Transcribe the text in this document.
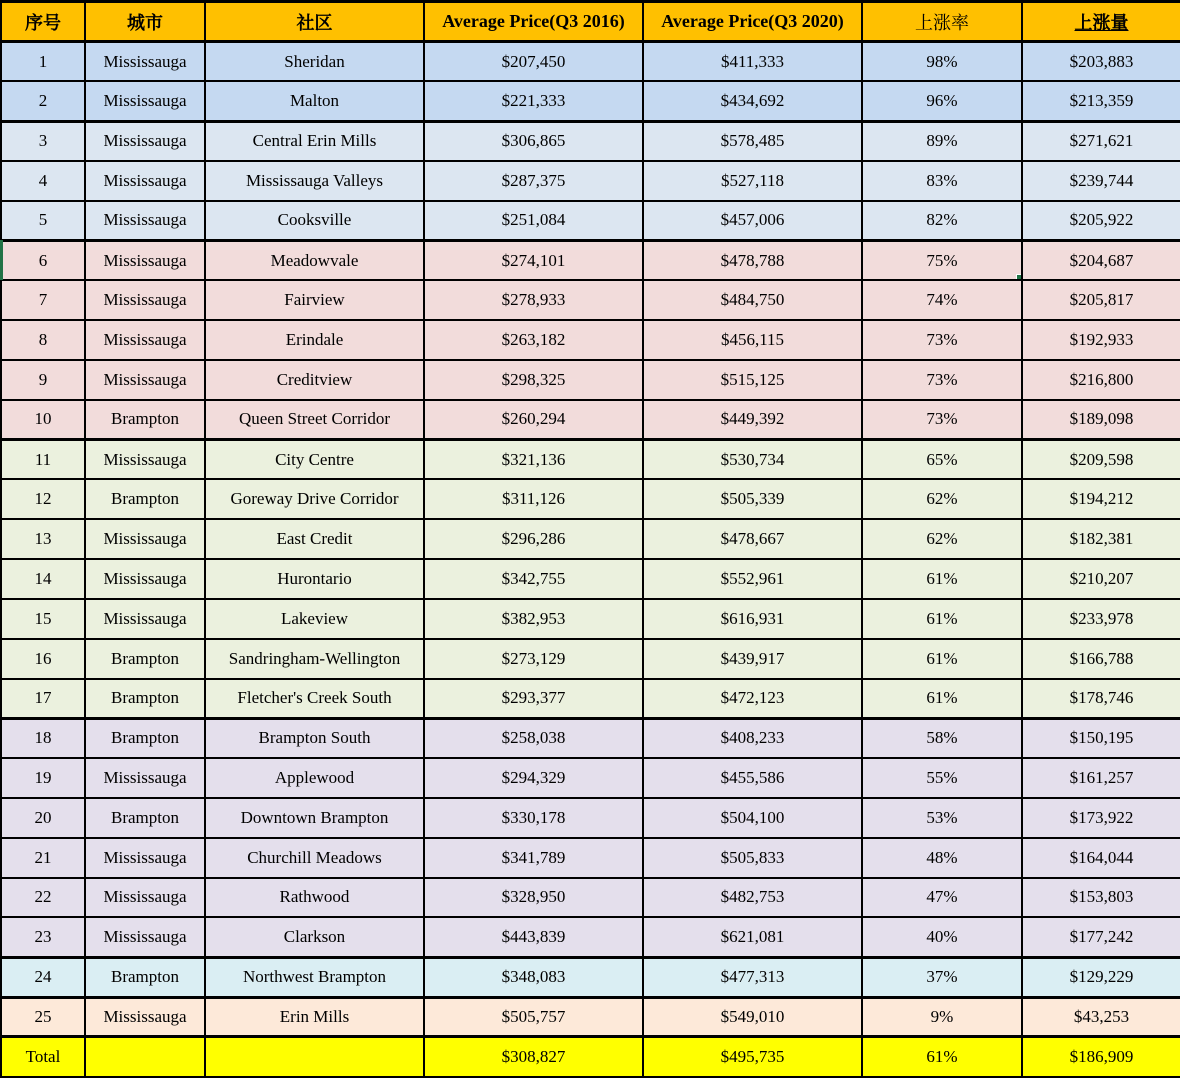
序号	城市	社区	Average Price(Q3 2016)	Average Price(Q3 2020)	上涨率	上涨量
1	Mississauga	Sheridan	$207,450	$411,333	98%	$203,883
2	Mississauga	Malton	$221,333	$434,692	96%	$213,359
3	Mississauga	Central Erin Mills	$306,865	$578,485	89%	$271,621
4	Mississauga	Mississauga Valleys	$287,375	$527,118	83%	$239,744
5	Mississauga	Cooksville	$251,084	$457,006	82%	$205,922
6	Mississauga	Meadowvale	$274,101	$478,788	75%	$204,687
7	Mississauga	Fairview	$278,933	$484,750	74%	$205,817
8	Mississauga	Erindale	$263,182	$456,115	73%	$192,933
9	Mississauga	Creditview	$298,325	$515,125	73%	$216,800
10	Brampton	Queen Street Corridor	$260,294	$449,392	73%	$189,098
11	Mississauga	City Centre	$321,136	$530,734	65%	$209,598
12	Brampton	Goreway Drive Corridor	$311,126	$505,339	62%	$194,212
13	Mississauga	East Credit	$296,286	$478,667	62%	$182,381
14	Mississauga	Hurontario	$342,755	$552,961	61%	$210,207
15	Mississauga	Lakeview	$382,953	$616,931	61%	$233,978
16	Brampton	Sandringham-Wellington	$273,129	$439,917	61%	$166,788
17	Brampton	Fletcher's Creek South	$293,377	$472,123	61%	$178,746
18	Brampton	Brampton South	$258,038	$408,233	58%	$150,195
19	Mississauga	Applewood	$294,329	$455,586	55%	$161,257
20	Brampton	Downtown Brampton	$330,178	$504,100	53%	$173,922
21	Mississauga	Churchill Meadows	$341,789	$505,833	48%	$164,044
22	Mississauga	Rathwood	$328,950	$482,753	47%	$153,803
23	Mississauga	Clarkson	$443,839	$621,081	40%	$177,242
24	Brampton	Northwest Brampton	$348,083	$477,313	37%	$129,229
25	Mississauga	Erin Mills	$505,757	$549,010	9%	$43,253
Total			$308,827	$495,735	61%	$186,909
